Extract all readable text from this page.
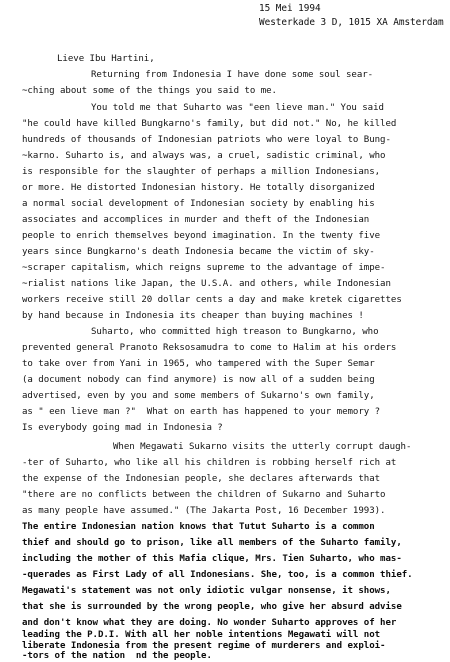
15 Mei 1994
Westerkade 3 D, 1015 XA Amsterdam
Lieve Ibu Hartini,
Returning from Indonesia I have done some soul sear-
~ching about some of the things you said to me.
You told me that Suharto was "een lieve man." You said
"he could have killed Bungkarno's family, but did not." No, he killed
hundreds of thousands of Indonesian patriots who were loyal to Bung-
~karno. Suharto is, and always was, a cruel, sadistic criminal, who
is responsible for the slaughter of perhaps a million Indonesians,
or more. He distorted Indonesian history. He totally disorganized
a normal social development of Indonesian society by enabling his
associates and accomplices in murder and theft of the Indonesian
people to enrich themselves beyond imagination. In the twenty five
years since Bungkarno's death Indonesia became the victim of sky-
~scraper capitalism, which reigns supreme to the advantage of impe-
~rialist nations like Japan, the U.S.A. and others, while Indonesian
workers receive still 20 dollar cents a day and make kretek cigarettes
by hand because in Indonesia its cheaper than buying machines !
Suharto, who committed high treason to Bungkarno, who
prevented general Pranoto Reksosamudra to come to Halim at his orders
to take over from Yani in 1965, who tampered with the Super Semar
(a document nobody can find anymore) is now all of a sudden being
advertised, even by you and some members of Sukarno's own family,
as " een lieve man ?"  What on earth has happened to your memory ?
Is everybody going mad in Indonesia ?
When Megawati Sukarno visits the utterly corrupt daugh-
-ter of Suharto, who like all his children is robbing herself rich at
the expense of the Indonesian people, she declares afterwards that
"there are no conflicts between the children of Sukarno and Suharto
as many people have assumed." (The Jakarta Post, 16 December 1993).
The entire Indonesian nation knows that Tutut Suharto is a common
thief and should go to prison, like all members of the Suharto family,
including the mother of this Mafia clique, Mrs. Tien Suharto, who mas-
-querades as First Lady of all Indonesians. She, too, is a common thief.
Megawati's statement was not only idiotic vulgar nonsense, it shows,
that she is surrounded by the wrong people, who give her absurd advise
and don't know what they are doing. No wonder Suharto approves of her
leading the P.D.I. With all her noble intentions Megawati will not
liberate Indonesia from the present regime of murderers and exploi-
-tors of the nation  nd the people.
